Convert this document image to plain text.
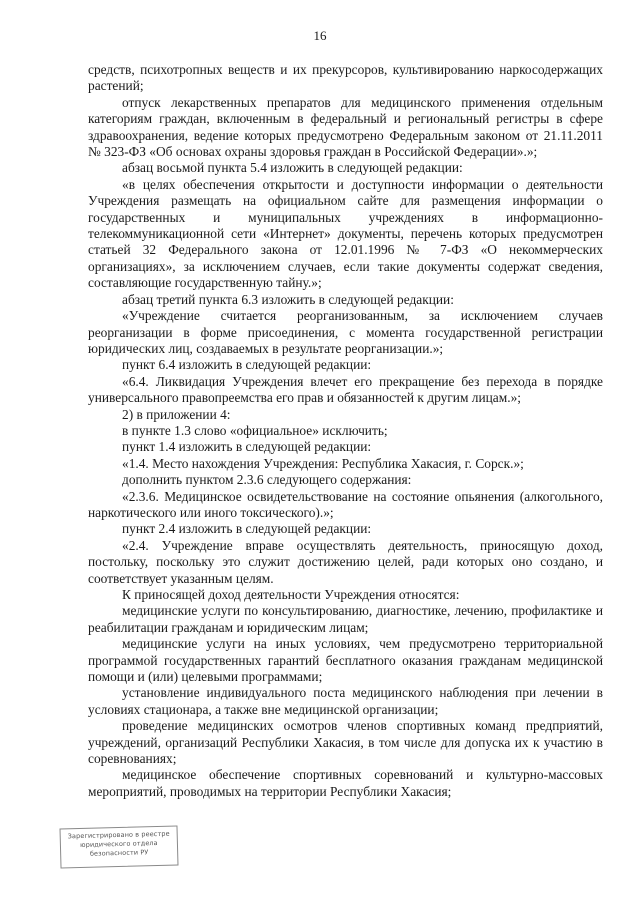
16

средств, психотропных веществ и их прекурсоров, культивированию наркосодержащих растений;

отпуск лекарственных препаратов для медицинского применения отдельным категориям граждан, включенным в федеральный и региональный регистры в сфере здравоохранения, ведение которых предусмотрено Федеральным законом от 21.11.2011 № 323-ФЗ «Об основах охраны здоровья граждан в Российской Федерации».»;

абзац восьмой пункта 5.4 изложить в следующей редакции:

«в целях обеспечения открытости и доступности информации о деятельности Учреждения размещать на официальном сайте для размещения информации о государственных и муниципальных учреждениях в информационно-телекоммуникационной сети «Интернет» документы, перечень которых предусмотрен статьей 32 Федерального закона от 12.01.1996 № 7-ФЗ «О некоммерческих организациях», за исключением случаев, если такие документы содержат сведения, составляющие государственную тайну.»;

абзац третий пункта 6.3 изложить в следующей редакции:

«Учреждение считается реорганизованным, за исключением случаев реорганизации в форме присоединения, с момента государственной регистрации юридических лиц, создаваемых в результате реорганизации.»;

пункт 6.4 изложить в следующей редакции:

«6.4. Ликвидация Учреждения влечет его прекращение без перехода в порядке универсального правопреемства его прав и обязанностей к другим лицам.»;

2) в приложении 4:

в пункте 1.3 слово «официальное» исключить;

пункт 1.4 изложить в следующей редакции:

«1.4. Место нахождения Учреждения: Республика Хакасия, г. Сорск.»;

дополнить пунктом 2.3.6 следующего содержания:

«2.3.6. Медицинское освидетельствование на состояние опьянения (алкогольного, наркотического или иного токсического).»;

пункт 2.4 изложить в следующей редакции:

«2.4. Учреждение вправе осуществлять деятельность, приносящую доход, постольку, поскольку это служит достижению целей, ради которых оно создано, и соответствует указанным целям.

К приносящей доход деятельности Учреждения относятся:

медицинские услуги по консультированию, диагностике, лечению, профилактике и реабилитации гражданам и юридическим лицам;

медицинские услуги на иных условиях, чем предусмотрено территориальной программой государственных гарантий бесплатного оказания гражданам медицинской помощи и (или) целевыми программами;

установление индивидуального поста медицинского наблюдения при лечении в условиях стационара, а также вне медицинской организации;

проведение медицинских осмотров членов спортивных команд предприятий, учреждений, организаций Республики Хакасия, в том числе для допуска их к участию в соревнованиях;

медицинское обеспечение спортивных соревнований и культурно-массовых мероприятий, проводимых на территории Республики Хакасия;

Зарегистрировано в реестре
юридического отдела
безопасности РУ
